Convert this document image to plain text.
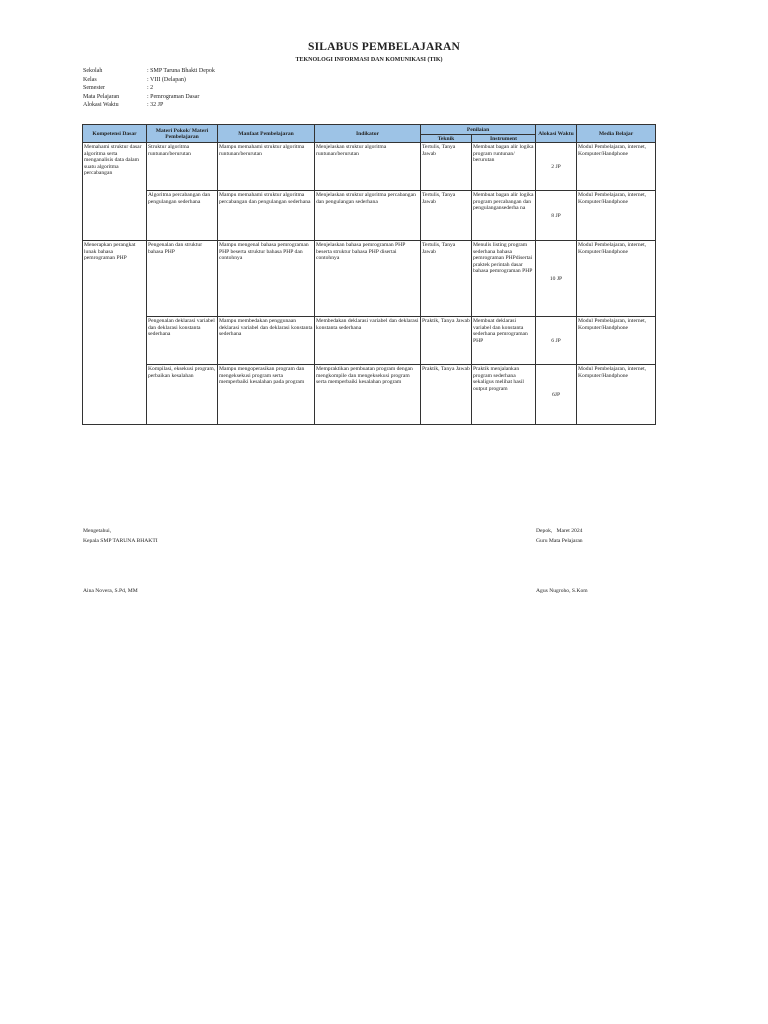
SILABUS PEMBELAJARAN
TEKNOLOGI INFORMASI DAN KOMUNIKASI (TIK)
Sekolah	: SMP Taruna Bhakti Depok
Kelas	: VIII (Delapan)
Semester	: 2
Mata Pelajaran	: Pemrograman Dasar
Alokasi Waktu	: 32 JP
Kompetensi Dasar	Materi Pokok/ Materi Pembelajaran	Manfaat Pembelajaran	Indikator	Penilaian		Alokasi Waktu	Media Belajar
				Teknik	Instrument		
Memahami struktur dasar algoritma serta menganalisis data dalam suatu algoritma percabangan	Struktur algoritma runtunan/berurutan	Mampu memahami struktur algoritma runtunan/berurutan	Menjelaskan struktur algoritma runtunan/berurutan	Tertulis, Tanya Jawab	Membuat bagan alir logika program runtunan/ berurutan	2 JP	Modul Pembelajaran, internet, Komputer/Handphone
	Algoritma percabangan dan pengulangan sederhana	Mampu memahami struktur algoritma percabangan dan pengulangan sederhana	Menjelaskan struktur algoritma percabangan dan pengulangan sederhana	Tertulis, Tanya Jawab	Membuat bagan alir logika program percabangan dan pengulangansederha na	8 JP	Modul Pembelajaran, internet, Komputer/Handphone
Menerapkan perangkat lunak bahasa pemrograman PHP	Pengenalan dan struktur bahasa PHP	Mampu mengenal bahasa pemrograman PHP beserta struktur bahasa PHP dan contohnya	Menjelaskan bahasa pemrograman PHP beserta struktur bahasa PHP disertai contohnya	Tertulis, Tanya Jawab	Menulis listing program sederhana bahasa pemrograman PHPdisertai praktek perintah dasar bahasa pemrograman PHP	10 JP	Modul Pembelajaran, internet, Komputer/Handphone
	Pengenalan deklarasi variabel dan deklarasi konstanta sederhana	Mampu membedakan penggunaan deklarasi variabel dan deklarasi konstanta sederhana	Membedakan deklarasi variabel dan deklarasi konstanta sederhana	Praktik, Tanya Jawab	Membuat deklarasi variabel dan konstanta sederhana pemrograman PHP	6 JP	Modul Pembelajaran, internet, Komputer/Handphone
	Kompilasi, eksekusi program, perbaikan kesalahan	Mampu mengoperasikan program dan mengeksekusi program serta memperbaiki kesalahan pada program	Mempraktikan pembuatan program dengan mengkompile dan mengeksekusi program serta memperbaiki kesalahan program	Praktik, Tanya Jawab	Praktik menjalankan program sederhana sekaligus melihat hasil output program	6JP	Modul Pembelajaran, internet, Komputer/Handphone
Mengetahui,
Kepala SMP TARUNA BHAKTI
Aina Novera, S.Pd, MM
Depok,   Maret 2024
Guru Mata Pelajaran
Agus Nugroho, S.Kom
